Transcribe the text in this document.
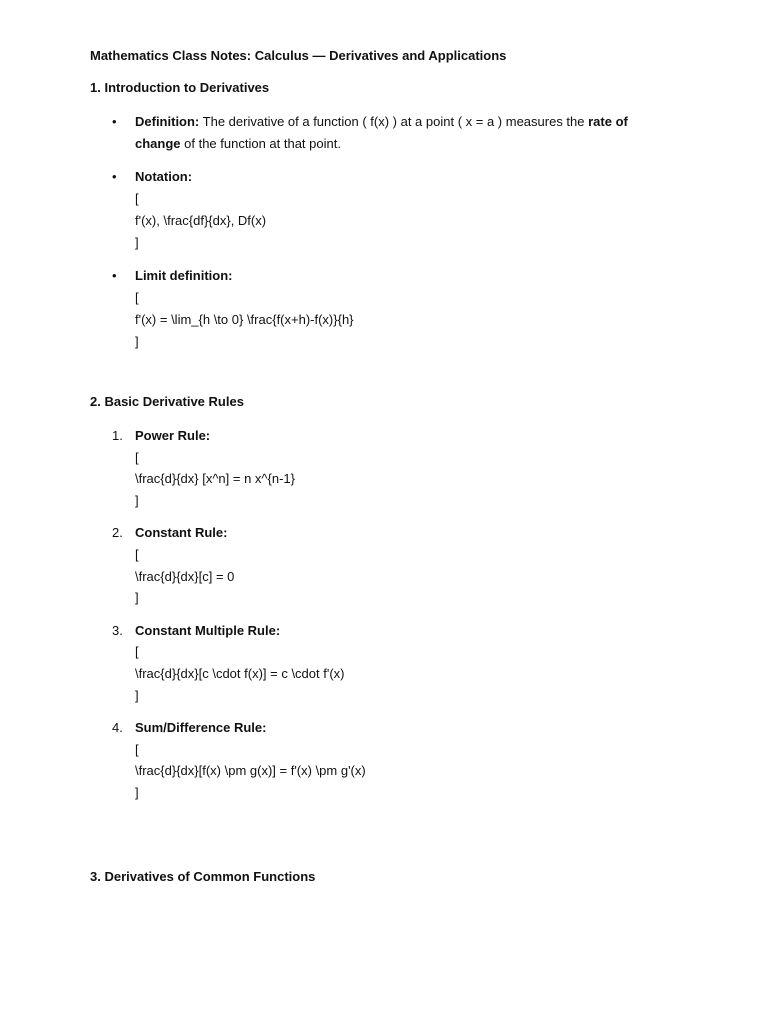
Mathematics Class Notes: Calculus — Derivatives and Applications

1. Introduction to Derivatives

• Definition: The derivative of a function ( f(x) ) at a point ( x = a ) measures the rate of
change of the function at that point.
• Notation:
[
f'(x), \frac{df}{dx}, Df(x)
]
• Limit definition:
[
f'(x) = \lim_{h \to 0} \frac{f(x+h)-f(x)}{h}
]

2. Basic Derivative Rules

1. Power Rule:
[
\frac{d}{dx} [x^n] = n x^{n-1}
]
2. Constant Rule:
[
\frac{d}{dx}[c] = 0
]
3. Constant Multiple Rule:
[
\frac{d}{dx}[c \cdot f(x)] = c \cdot f'(x)
]
4. Sum/Difference Rule:
[
\frac{d}{dx}[f(x) \pm g(x)] = f'(x) \pm g'(x)
]

3. Derivatives of Common Functions
